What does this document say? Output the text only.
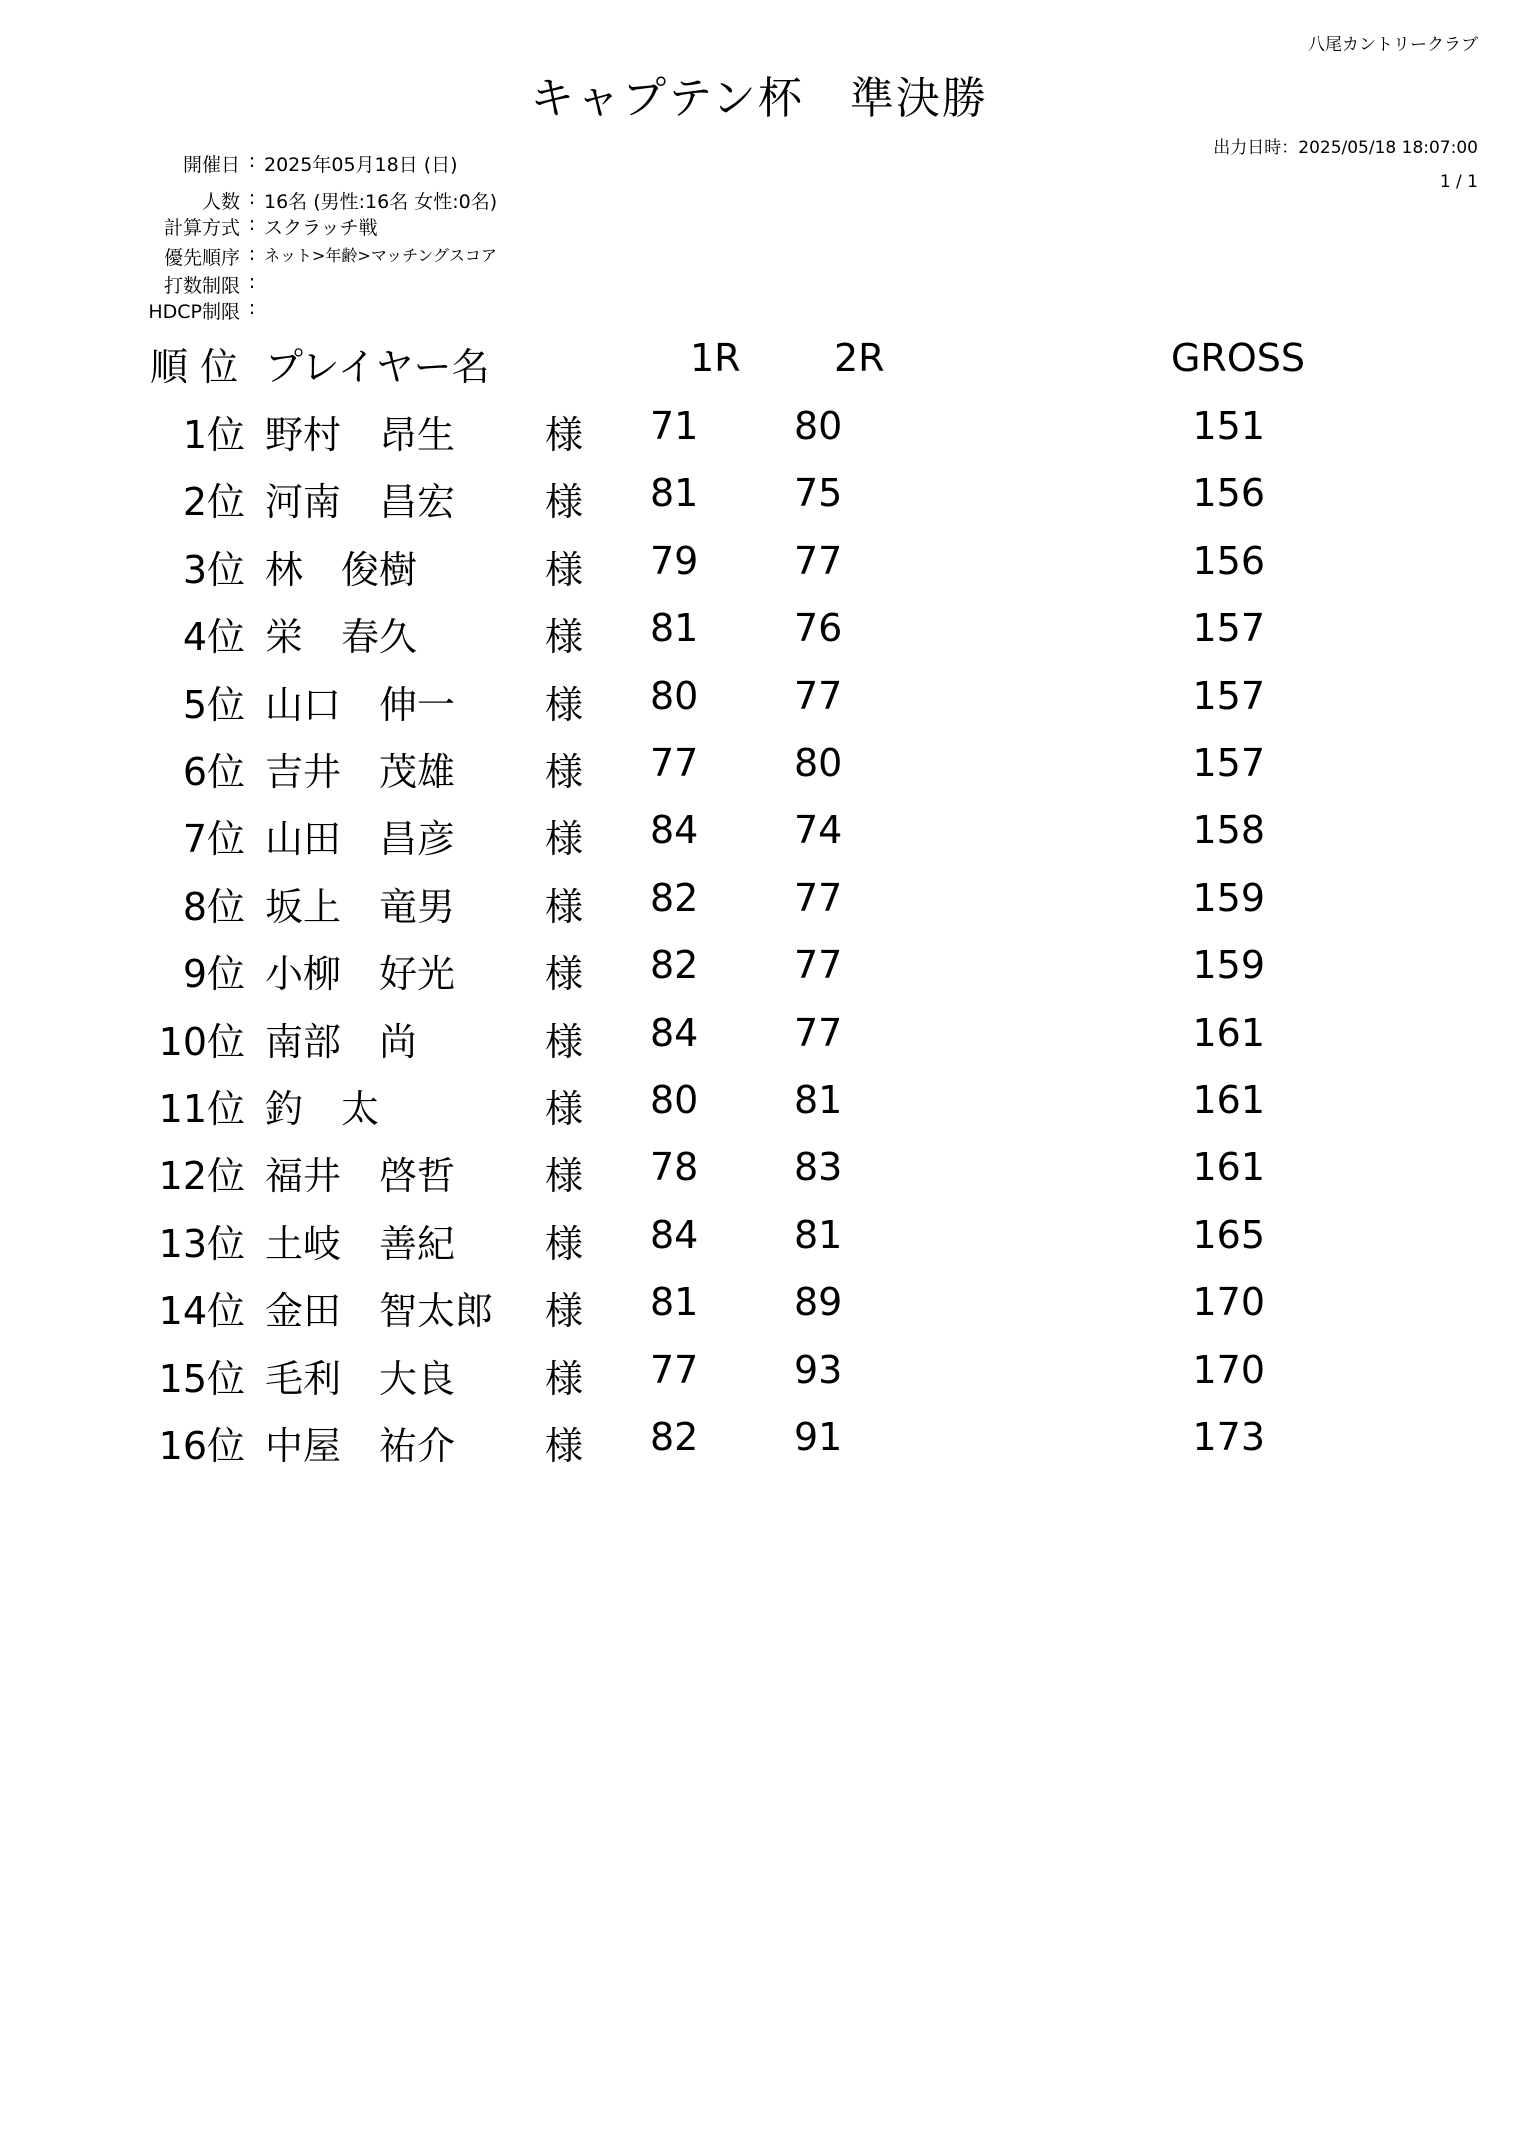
八尾カントリークラブ
キャプテン杯　準決勝
出力日時：2025/05/18 18:07:00
1 / 1
開催日 : 2025年05月18日 (日)
人数 : 16名 (男性:16名 女性:0名)
計算方式 : スクラッチ戦
優先順序 : ネット>年齢>マッチングスコア
打数制限 :
HDCP制限 :
順 位 プレイヤー名	1R 2R	GROSS
1位 野村　昂生 様 71	80	151
2位 河南　昌宏 様 81	75	156
3位 林　俊樹	様 79	77	156
4位 栄　春久	様 81	76	157
5位 山口　伸一 様 80	77	157
6位 吉井　茂雄 様 77	80	157
7位 山田　昌彦 様 84	74	158
8位 坂上　竜男 様 82	77	159
9位 小柳　好光 様 82	77	159
10位 南部　尚	様 84	77	161
11位 釣　太	様 80	81	161
12位 福井　啓哲 様 78	83	161
13位 土岐　善紀 様 84	81	165
14位 金田　智太郎 様 81	89	170
15位 毛利　大良 様 77	93	170
16位 中屋　祐介 様 82	91	173
